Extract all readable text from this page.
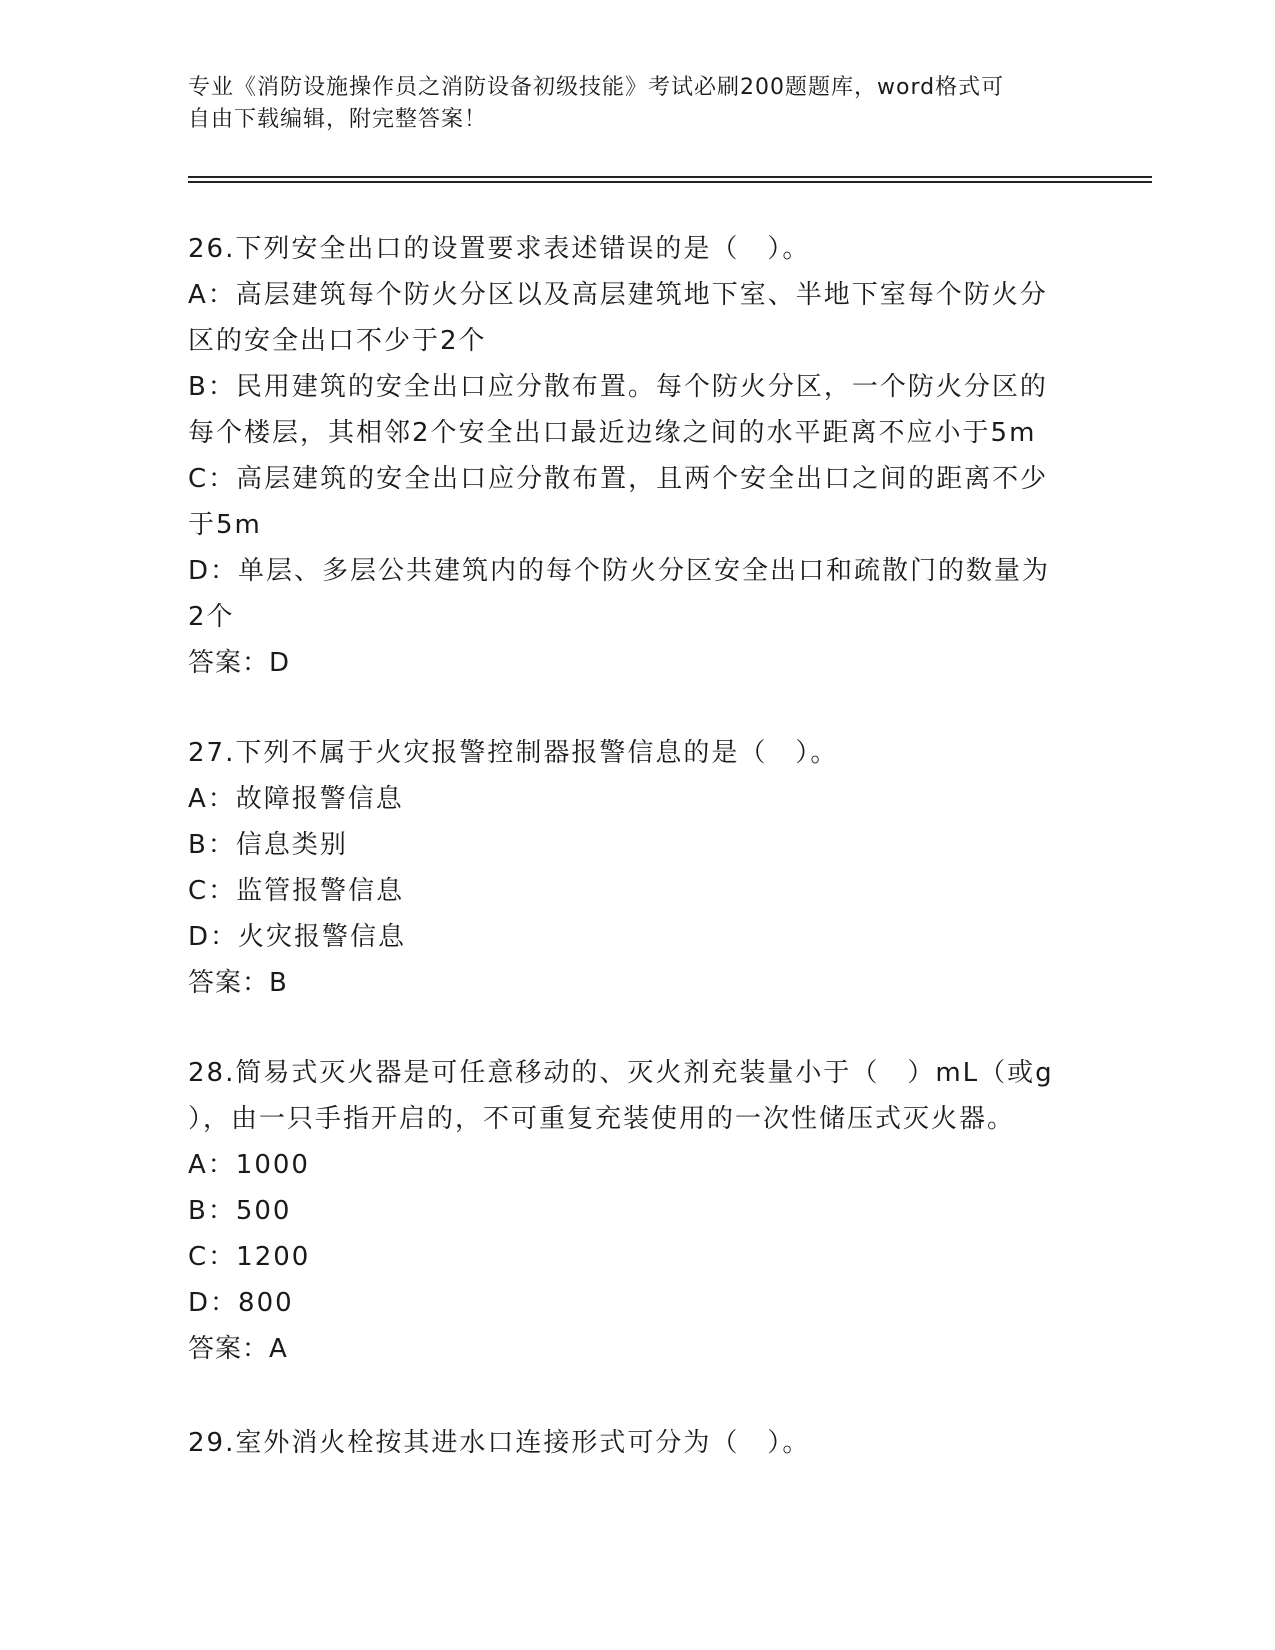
专业《消防设施操作员之消防设备初级技能》考试必刷200题题库，word格式可
自由下载编辑，附完整答案！
26.下列安全出口的设置要求表述错误的是（　）。
A：高层建筑每个防火分区以及高层建筑地下室、半地下室每个防火分
区的安全出口不少于2个
B：民用建筑的安全出口应分散布置。每个防火分区，一个防火分区的
每个楼层，其相邻2个安全出口最近边缘之间的水平距离不应小于5m
C：高层建筑的安全出口应分散布置，且两个安全出口之间的距离不少
于5m
D：单层、多层公共建筑内的每个防火分区安全出口和疏散门的数量为
2个
答案：D
27.下列不属于火灾报警控制器报警信息的是（　）。
A：故障报警信息
B：信息类别
C：监管报警信息
D：火灾报警信息
答案：B
28.简易式灭火器是可任意移动的、灭火剂充装量小于（　）mL（或g
），由一只手指开启的，不可重复充装使用的一次性储压式灭火器。
A：1000
B：500
C：1200
D：800
答案：A
29.室外消火栓按其进水口连接形式可分为（　）。
